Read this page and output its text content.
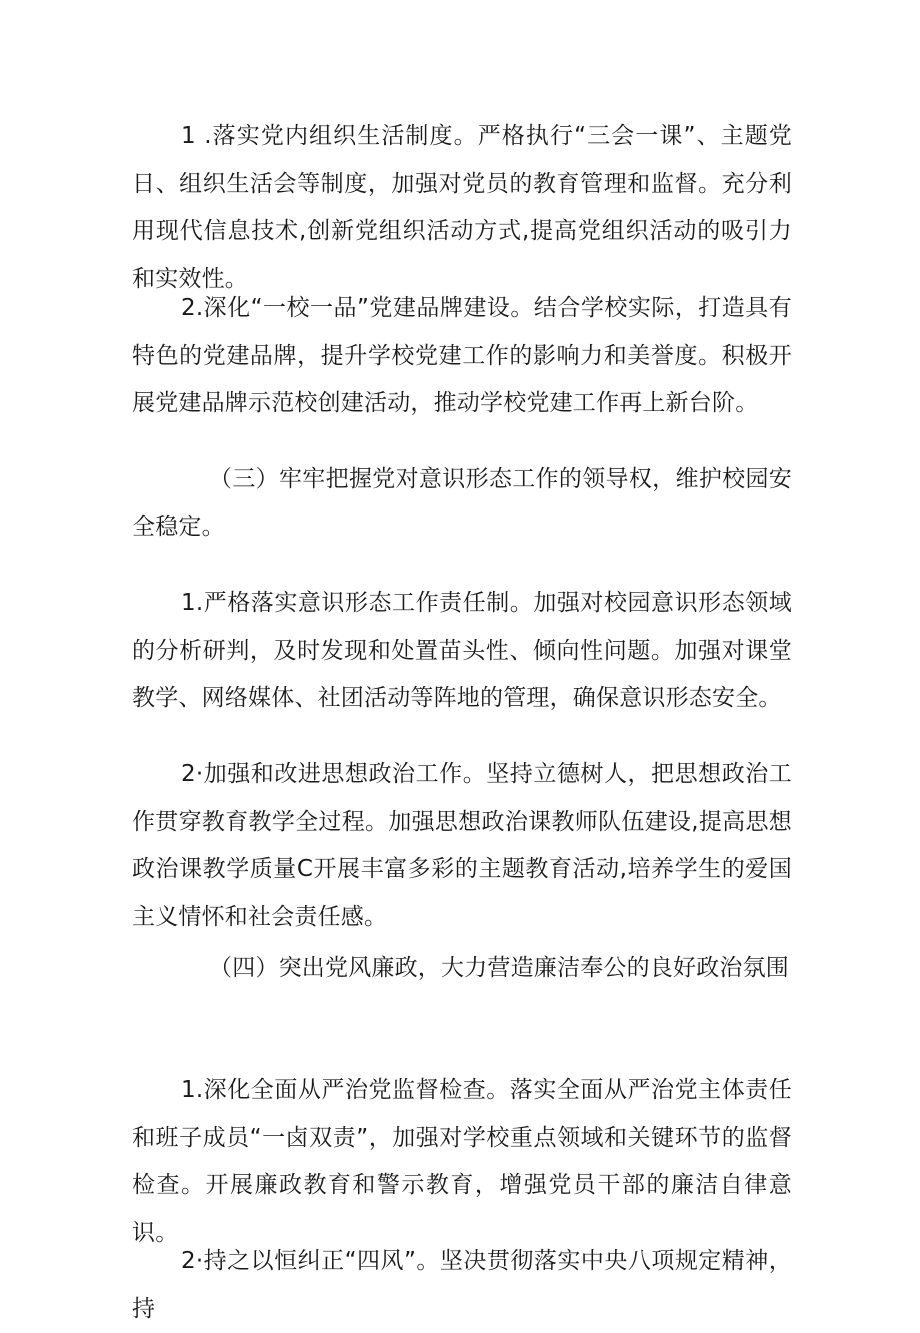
1 .落实党内组织生活制度。严格执行“三会一课”、主题党日、组织生活会等制度，加强对党员的教育管理和监督。充分利用现代信息技术,创新党组织活动方式,提高党组织活动的吸引力和实效性。

2.深化“一校一品”党建品牌建设。结合学校实际，打造具有特色的党建品牌，提升学校党建工作的影响力和美誉度。积极开展党建品牌示范校创建活动，推动学校党建工作再上新台阶。

（三）牢牢把握党对意识形态工作的领导权，维护校园安全稳定。

1.严格落实意识形态工作责任制。加强对校园意识形态领域的分析研判，及时发现和处置苗头性、倾向性问题。加强对课堂教学、网络媒体、社团活动等阵地的管理，确保意识形态安全。

2·加强和改进思想政治工作。坚持立德树人，把思想政治工作贯穿教育教学全过程。加强思想政治课教师队伍建设,提高思想政治课教学质量C开展丰富多彩的主题教育活动,培养学生的爱国主义情怀和社会责任感。

（四）突出党风廉政，大力营造廉洁奉公的良好政治氛围

1.深化全面从严治党监督检查。落实全面从严治党主体责任和班子成员“一卤双责”，加强对学校重点领域和关键环节的监督检查。开展廉政教育和警示教育，增强党员干部的廉洁自律意识。

2·持之以恒纠正“四风”。坚决贯彻落实中央八项规定精神，持
